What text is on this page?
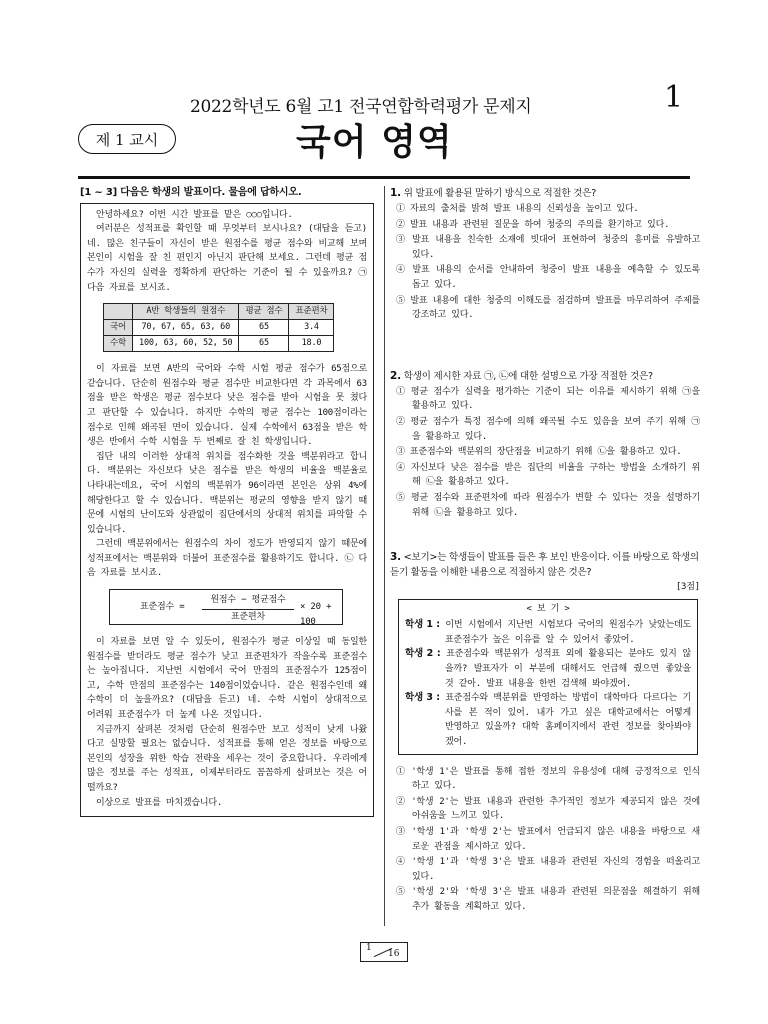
2022학년도 6월 고1 전국연합학력평가 문제지	1
제 1 교시	국어 영역
[1 ~ 3] 다음은 학생의 발표이다. 물음에 답하시오.

안녕하세요? 이번 시간 발표를 맡은 ○○○입니다.

여러분은 성적표를 확인할 때 무엇부터 보시나요? (대답을 듣고) 네. 많은 친구들이 자신이 받은 원점수를 평균 점수와 비교해 보며 본인이 시험을 잘 친 편인지 아닌지 판단해 보세요. 그런데 평균 점수가 자신의 실력을 정확하게 판단하는 기준이 될 수 있을까요? ㉠ 다음 자료를 보시죠.

	A반 학생들의 원점수	평균 점수	표준편차
국어	70, 67, 65, 63, 60	65	3.4
수학	100, 63, 60, 52, 50	65	18.0

이 자료를 보면 A반의 국어와 수학 시험 평균 점수가 65점으로 같습니다. 단순히 원점수와 평균 점수만 비교한다면 각 과목에서 63점을 받은 학생은 평균 점수보다 낮은 점수를 받아 시험을 못 쳤다고 판단할 수 있습니다. 하지만 수학의 평균 점수는 100점이라는 점수로 인해 왜곡된 면이 있습니다. 실제 수학에서 63점을 받은 학생은 반에서 수학 시험을 두 번째로 잘 친 학생입니다.

집단 내의 이러한 상대적 위치를 점수화한 것을 백분위라고 합니다. 백분위는 자신보다 낮은 점수를 받은 학생의 비율을 백분율로 나타내는데요, 국어 시험의 백분위가 96이라면 본인은 상위 4%에 해당한다고 할 수 있습니다. 백분위는 평균의 영향을 받지 않기 때문에 시험의 난이도와 상관없이 집단에서의 상대적 위치를 파악할 수 있습니다.

그런데 백분위에서는 원점수의 차이 정도가 반영되지 않기 때문에 성적표에서는 백분위와 더불어 표준점수를 활용하기도 합니다. ㉡ 다음 자료를 보시죠.

표준점수 =
원점수 − 평균점수
표준편차
× 20 + 100

이 자료를 보면 알 수 있듯이, 원점수가 평균 이상일 때 동일한 원점수를 받더라도 평균 점수가 낮고 표준편차가 작을수록 표준점수는 높아집니다. 지난번 시험에서 국어 만점의 표준점수가 125점이고, 수학 만점의 표준점수는 140점이었습니다. 같은 원점수인데 왜 수학이 더 높을까요? (대답을 듣고) 네. 수학 시험이 상대적으로 어려워 표준점수가 더 높게 나온 것입니다.

지금까지 살펴본 것처럼 단순히 원점수만 보고 성적이 낮게 나왔다고 실망할 필요는 없습니다. 성적표를 통해 얻은 정보를 바탕으로 본인의 성장을 위한 학습 전략을 세우는 것이 중요합니다. 우리에게 많은 정보를 주는 성적표, 이제부터라도 꼼꼼하게 살펴보는 것은 어떨까요?

이상으로 발표를 마치겠습니다.

1. 위 발표에 활용된 말하기 방식으로 적절한 것은?
① 자료의 출처를 밝혀 발표 내용의 신뢰성을 높이고 있다.
② 발표 내용과 관련된 질문을 하여 청중의 주의를 환기하고 있다.
③ 발표 내용을 친숙한 소재에 빗대어 표현하여 청중의 흥미를 유발하고 있다.
④ 발표 내용의 순서를 안내하여 청중이 발표 내용을 예측할 수 있도록 돕고 있다.
⑤ 발표 내용에 대한 청중의 이해도를 점검하며 발표를 마무리하여 주제를 강조하고 있다.
2. 학생이 제시한 자료 ㉠, ㉡에 대한 설명으로 가장 적절한 것은?
① 평균 점수가 실력을 평가하는 기준이 되는 이유를 제시하기 위해 ㉠을 활용하고 있다.
② 평균 점수가 특정 점수에 의해 왜곡될 수도 있음을 보여 주기 위해 ㉠을 활용하고 있다.
③ 표준점수와 백분위의 장단점을 비교하기 위해 ㉡을 활용하고 있다.
④ 자신보다 낮은 점수를 받은 집단의 비율을 구하는 방법을 소개하기 위해 ㉡을 활용하고 있다.
⑤ 평균 점수와 표준편차에 따라 원점수가 변할 수 있다는 것을 설명하기 위해 ㉡을 활용하고 있다.
3. <보기>는 학생들이 발표를 들은 후 보인 반응이다. 이를 바탕으로 학생의 듣기 활동을 이해한 내용으로 적절하지 않은 것은?
[3점]
< 보 기 >
학생 1 : 이번 시험에서 지난번 시험보다 국어의 원점수가 낮았는데도 표준점수가 높은 이유를 알 수 있어서 좋았어.
학생 2 : 표준점수와 백분위가 성적표 외에 활용되는 분야도 있지 않을까? 발표자가 이 부분에 대해서도 언급해 줬으면 좋았을 것 같아. 발표 내용을 한번 검색해 봐야겠어.
학생 3 : 표준점수와 백분위를 반영하는 방법이 대학마다 다르다는 기사를 본 적이 있어. 내가 가고 싶은 대학교에서는 어떻게 반영하고 있을까? 대학 홈페이지에서 관련 정보를 찾아봐야겠어.
① '학생 1'은 발표를 통해 접한 정보의 유용성에 대해 긍정적으로 인식하고 있다.
② '학생 2'는 발표 내용과 관련한 추가적인 정보가 제공되지 않은 것에 아쉬움을 느끼고 있다.
③ '학생 1'과 '학생 2'는 발표에서 언급되지 않은 내용을 바탕으로 새로운 관점을 제시하고 있다.
④ '학생 1'과 '학생 3'은 발표 내용과 관련된 자신의 경험을 떠올리고 있다.
⑤ '학생 2'와 '학생 3'은 발표 내용과 관련된 의문점을 해결하기 위해 추가 활동을 계획하고 있다.
1
16
